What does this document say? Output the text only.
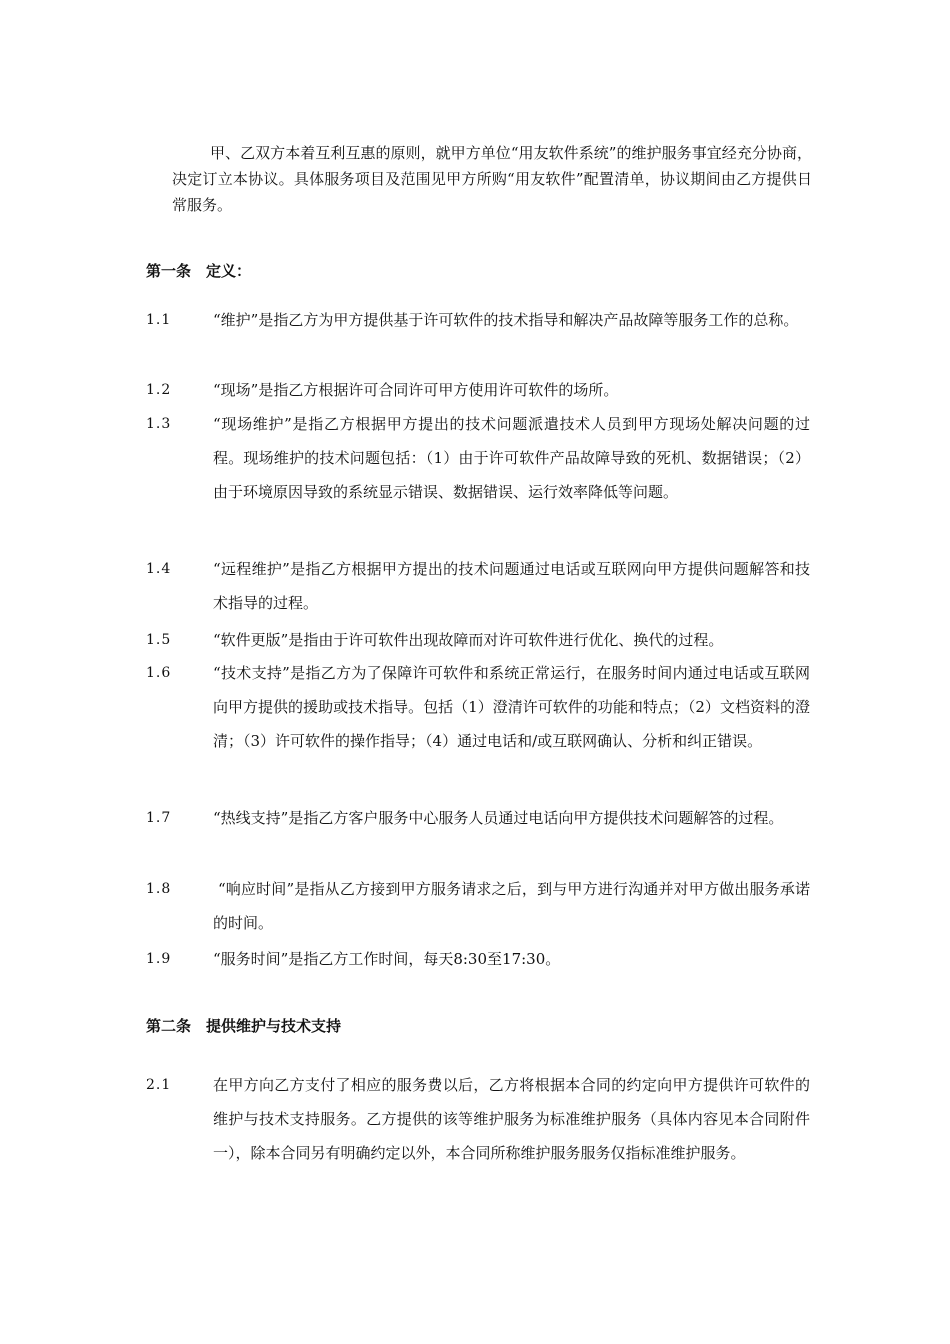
甲、乙双方本着互利互惠的原则，就甲方单位“用友软件系统”的维护服务事宜经充分协商，决定订立本协议。具体服务项目及范围见甲方所购“用友软件”配置清单，协议期间由乙方提供日常服务。

第一条　定义：
1.1	“维护”是指乙方为甲方提供基于许可软件的技术指导和解决产品故障等服务工作的总称。
1.2	“现场”是指乙方根据许可合同许可甲方使用许可软件的场所。
1.3	“现场维护”是指乙方根据甲方提出的技术问题派遣技术人员到甲方现场处解决问题的过程。现场维护的技术问题包括：（1）由于许可软件产品故障导致的死机、数据错误；（2）由于环境原因导致的系统显示错误、数据错误、运行效率降低等问题。
1.4	“远程维护”是指乙方根据甲方提出的技术问题通过电话或互联网向甲方提供问题解答和技术指导的过程。
1.5	“软件更版”是指由于许可软件出现故障而对许可软件进行优化、换代的过程。
1.6	“技术支持”是指乙方为了保障许可软件和系统正常运行，在服务时间内通过电话或互联网向甲方提供的援助或技术指导。包括（1）澄清许可软件的功能和特点；（2）文档资料的澄清；（3）许可软件的操作指导；（4）通过电话和/或互联网确认、分析和纠正错误。
1.7	“热线支持”是指乙方客户服务中心服务人员通过电话向甲方提供技术问题解答的过程。
1.8	“响应时间”是指从乙方接到甲方服务请求之后，到与甲方进行沟通并对甲方做出服务承诺的时间。
1.9	“服务时间”是指乙方工作时间，每天8:30至17:30。
第二条　提供维护与技术支持
2.1	在甲方向乙方支付了相应的服务费以后，乙方将根据本合同的约定向甲方提供许可软件的维护与技术支持服务。乙方提供的该等维护服务为标准维护服务（具体内容见本合同附件一），除本合同另有明确约定以外，本合同所称维护服务服务仅指标准维护服务。
